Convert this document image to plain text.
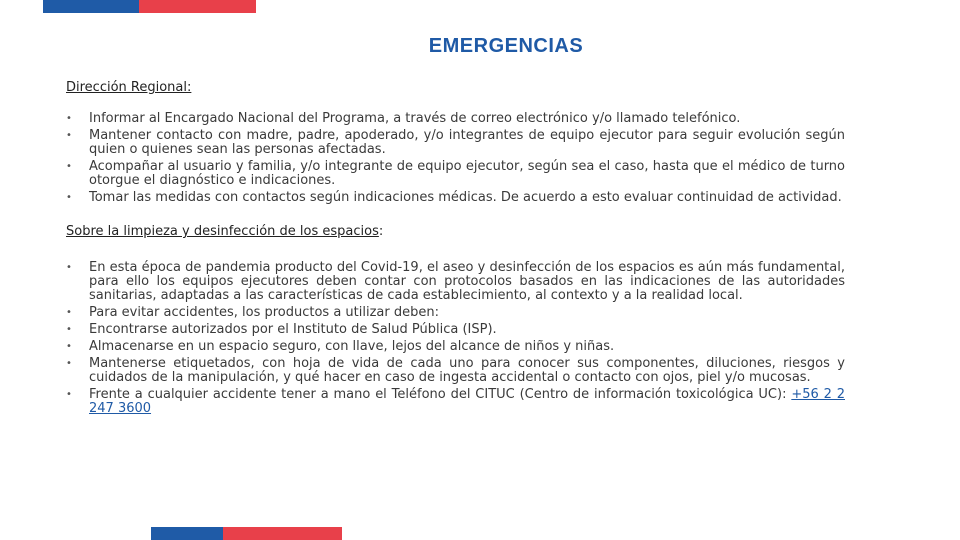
EMERGENCIAS

Dirección Regional:

• Informar al Encargado Nacional del Programa, a través de correo electrónico y/o llamado telefónico.
• Mantener contacto con madre, padre, apoderado, y/o integrantes de equipo ejecutor para seguir evolución según quien o quienes sean las personas afectadas.
• Acompañar al usuario y familia, y/o integrante de equipo ejecutor, según sea el caso, hasta que el médico de turno otorgue el diagnóstico e indicaciones.
• Tomar las medidas con contactos según indicaciones médicas. De acuerdo a esto evaluar continuidad de actividad.

Sobre la limpieza y desinfección de los espacios:

• En esta época de pandemia producto del Covid-19, el aseo y desinfección de los espacios es aún más fundamental, para ello los equipos ejecutores deben contar con protocolos basados en las indicaciones de las autoridades sanitarias, adaptadas a las características de cada establecimiento, al contexto y a la realidad local.
• Para evitar accidentes, los productos a utilizar deben:
• Encontrarse autorizados por el Instituto de Salud Pública (ISP).
• Almacenarse en un espacio seguro, con llave, lejos del alcance de niños y niñas.
• Mantenerse etiquetados, con hoja de vida de cada uno para conocer sus componentes, diluciones, riesgos y cuidados de la manipulación, y qué hacer en caso de ingesta accidental o contacto con ojos, piel y/o mucosas.
• Frente a cualquier accidente tener a mano el Teléfono del CITUC (Centro de información toxicológica UC): +56 2 2 247 3600
